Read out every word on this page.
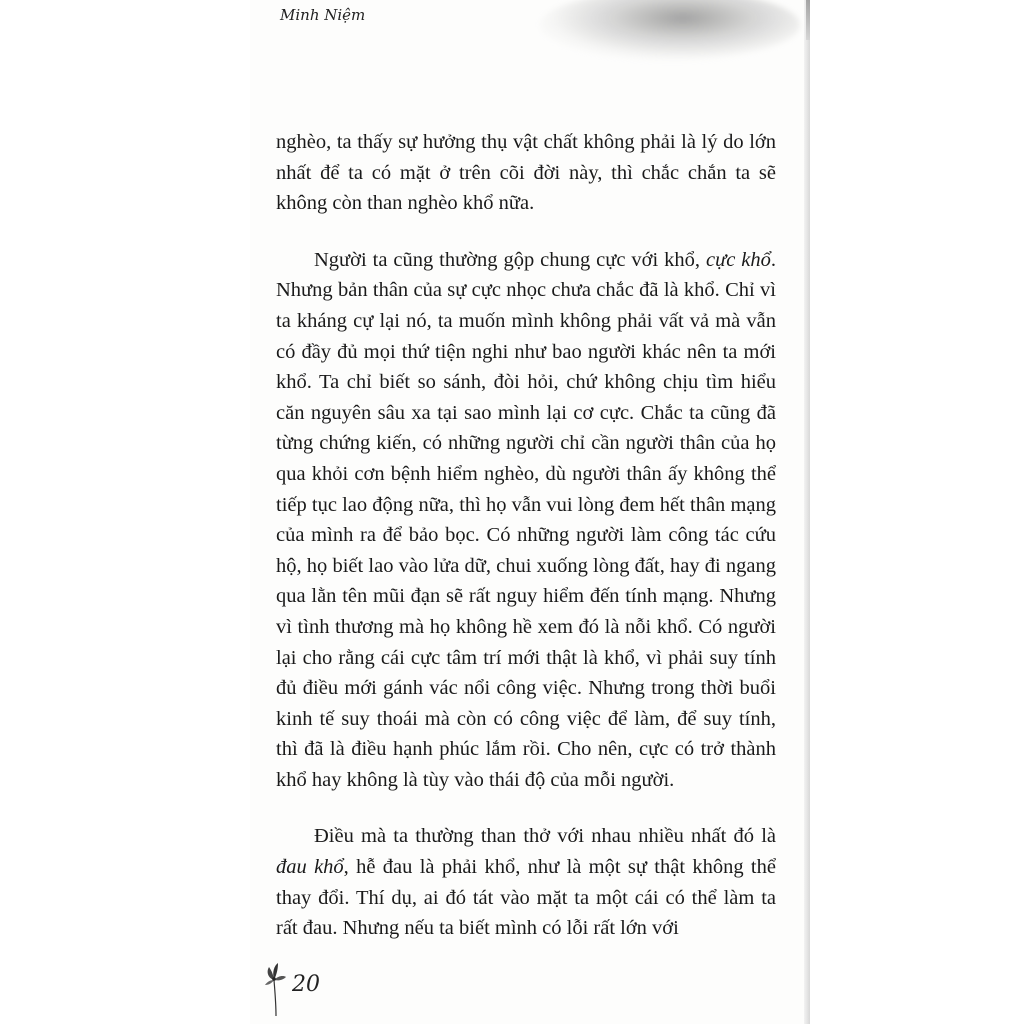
Minh Niệm

nghèo, ta thấy sự hưởng thụ vật chất không phải là lý do lớn nhất để ta có mặt ở trên cõi đời này, thì chắc chắn ta sẽ không còn than nghèo khổ nữa.

Người ta cũng thường gộp chung cực với khổ, cực khổ. Nhưng bản thân của sự cực nhọc chưa chắc đã là khổ. Chỉ vì ta kháng cự lại nó, ta muốn mình không phải vất vả mà vẫn có đầy đủ mọi thứ tiện nghi như bao người khác nên ta mới khổ. Ta chỉ biết so sánh, đòi hỏi, chứ không chịu tìm hiểu căn nguyên sâu xa tại sao mình lại cơ cực. Chắc ta cũng đã từng chứng kiến, có những người chỉ cần người thân của họ qua khỏi cơn bệnh hiểm nghèo, dù người thân ấy không thể tiếp tục lao động nữa, thì họ vẫn vui lòng đem hết thân mạng của mình ra để bảo bọc. Có những người làm công tác cứu hộ, họ biết lao vào lửa dữ, chui xuống lòng đất, hay đi ngang qua lằn tên mũi đạn sẽ rất nguy hiểm đến tính mạng. Nhưng vì tình thương mà họ không hề xem đó là nỗi khổ. Có người lại cho rằng cái cực tâm trí mới thật là khổ, vì phải suy tính đủ điều mới gánh vác nổi công việc. Nhưng trong thời buổi kinh tế suy thoái mà còn có công việc để làm, để suy tính, thì đã là điều hạnh phúc lắm rồi. Cho nên, cực có trở thành khổ hay không là tùy vào thái độ của mỗi người.

Điều mà ta thường than thở với nhau nhiều nhất đó là đau khổ, hễ đau là phải khổ, như là một sự thật không thể thay đổi. Thí dụ, ai đó tát vào mặt ta một cái có thể làm ta rất đau. Nhưng nếu ta biết mình có lỗi rất lớn với

20
